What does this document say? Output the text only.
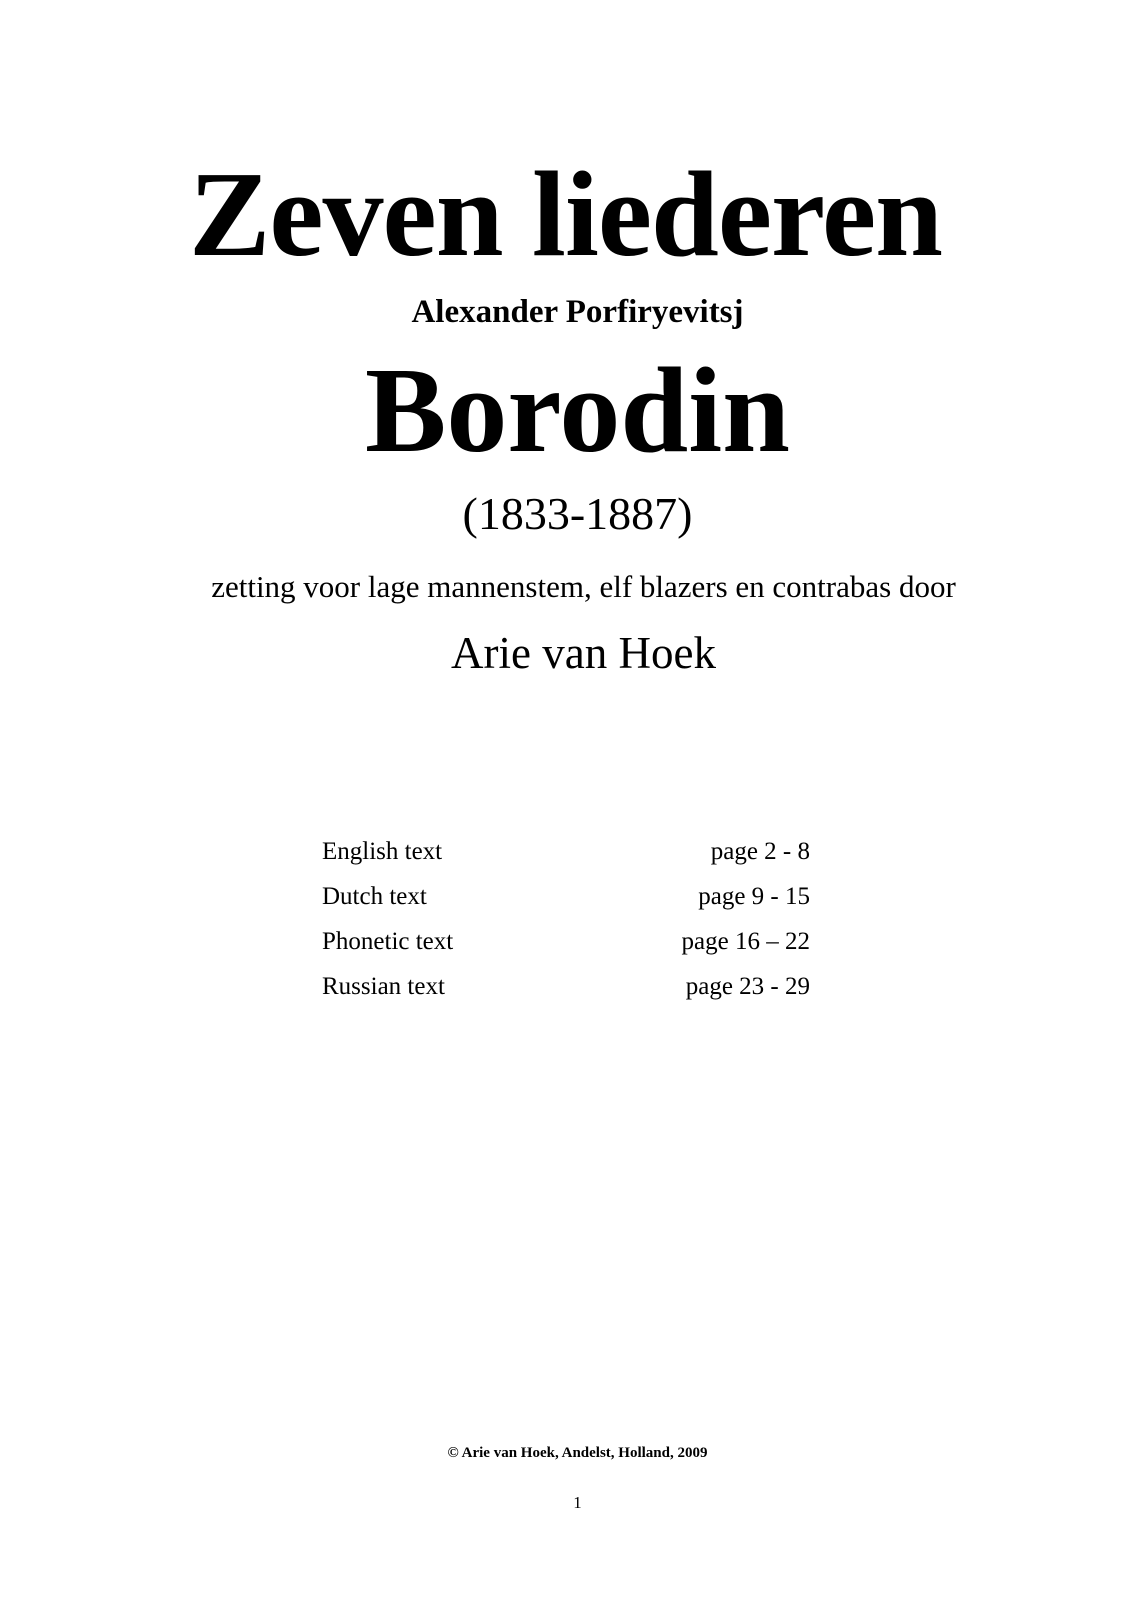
Zeven liederen
Alexander Porfiryevitsj
Borodin
(1833-1887)
zetting voor lage mannenstem, elf blazers en contrabas door
Arie van Hoek
English text	page 2 - 8
Dutch text	page 9 - 15
Phonetic text	page 16 – 22
Russian text	page 23 - 29
© Arie van Hoek, Andelst, Holland, 2009
1
